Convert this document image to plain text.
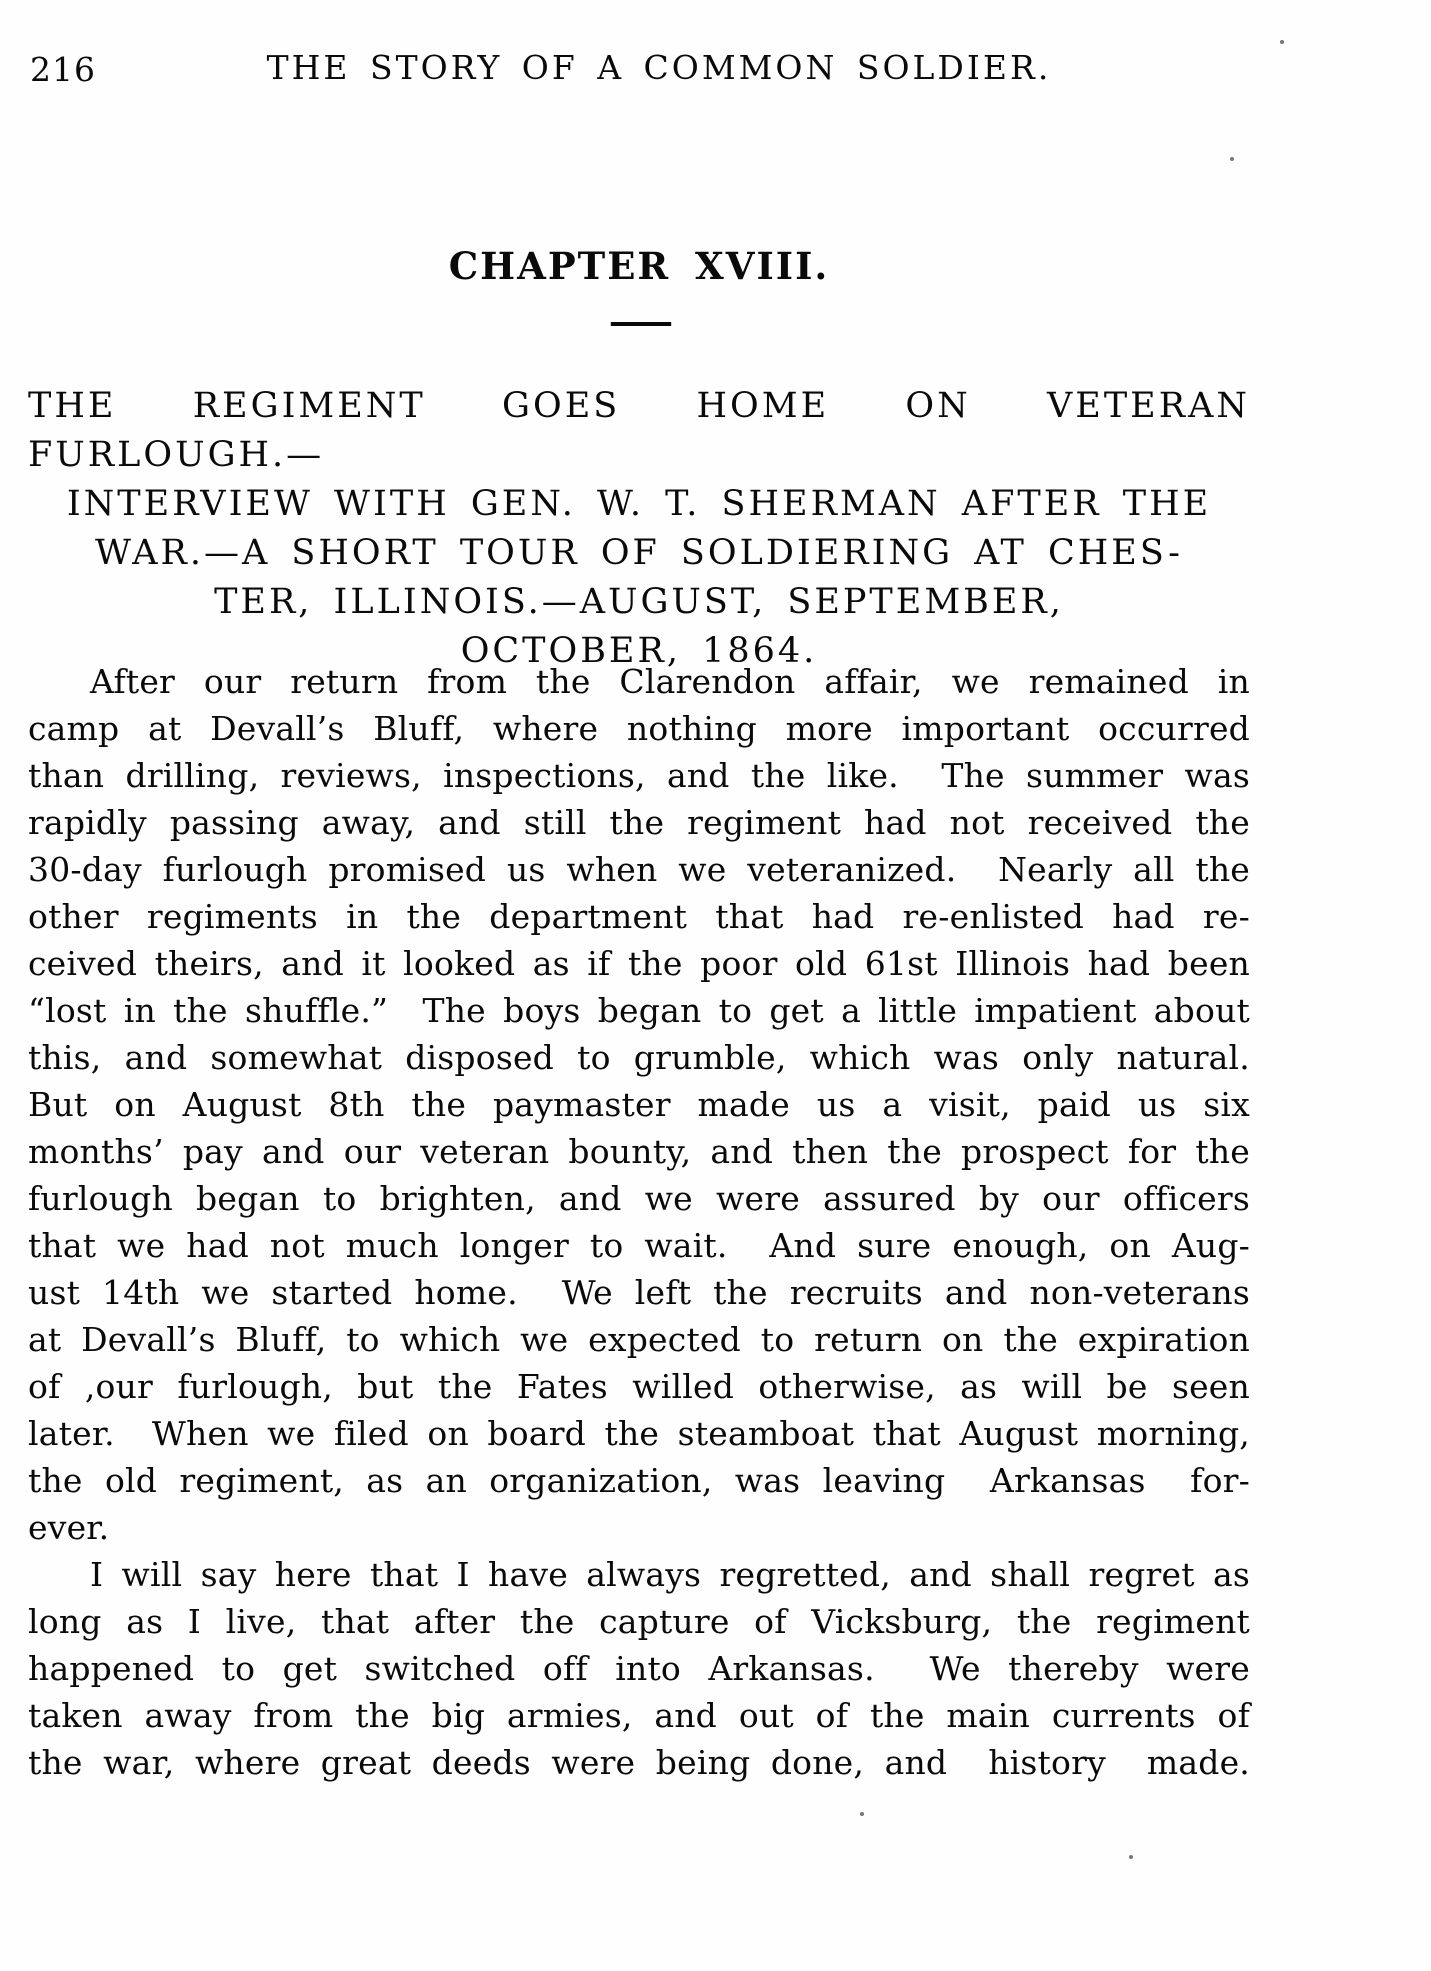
216	THE STORY OF A COMMON SOLDIER.
CHAPTER XVIII.
——
THE REGIMENT GOES HOME ON VETERAN FURLOUGH.—
INTERVIEW WITH GEN. W. T. SHERMAN AFTER THE
WAR.—A SHORT TOUR OF SOLDIERING AT CHES-
TER, ILLINOIS.—AUGUST, SEPTEMBER,
OCTOBER, 1864.
After our return from the Clarendon affair, we remained in
camp at Devall’s Bluff, where nothing more important occurred
than drilling, reviews, inspections, and the like.  The summer was
rapidly passing away, and still the regiment had not received the
30-day furlough promised us when we veteranized.  Nearly all the
other regiments in the department that had re-enlisted had re-
ceived theirs, and it looked as if the poor old 61st Illinois had been
“lost in the shuffle.”  The boys began to get a little impatient about
this, and somewhat disposed to grumble, which was only natural.
But on August 8th the paymaster made us a visit, paid us six
months’ pay and our veteran bounty, and then the prospect for the
furlough began to brighten, and we were assured by our officers
that we had not much longer to wait.  And sure enough, on Aug-
ust 14th we started home.  We left the recruits and non-veterans
at Devall’s Bluff, to which we expected to return on the expiration
of ,our furlough, but the Fates willed otherwise, as will be seen
later.  When we filed on board the steamboat that August morning,
the old regiment, as an organization, was leaving  Arkansas  for-
ever.
I will say here that I have always regretted, and shall regret as
long as I live, that after the capture of Vicksburg, the regiment
happened to get switched off into Arkansas.  We thereby were
taken away from the big armies, and out of the main currents of
the war, where great deeds were being done, and  history  made.
